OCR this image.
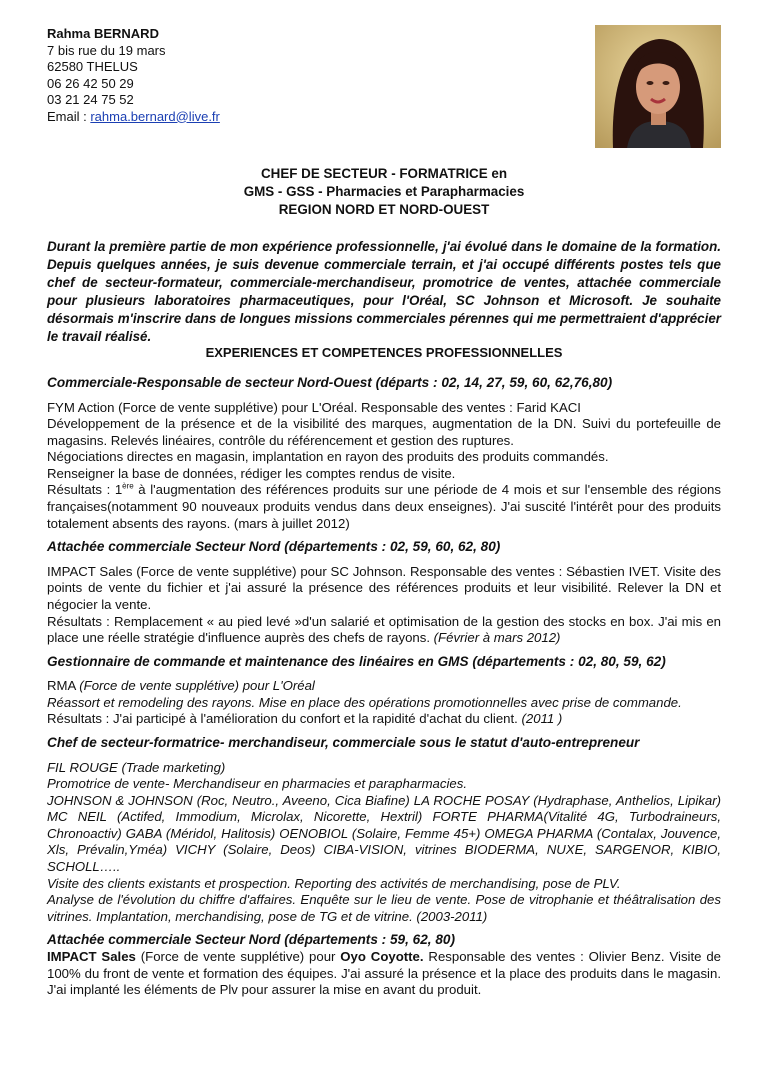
Rahma BERNARD
7 bis rue du 19 mars
62580 THELUS
06 26 42 50 29
03 21 24 75 52
Email : rahma.bernard@live.fr
CHEF DE SECTEUR - FORMATRICE en
GMS - GSS - Pharmacies et Parapharmacies
REGION NORD ET NORD-OUEST
Durant la première partie de mon expérience professionnelle, j'ai évolué dans le domaine de la formation. Depuis quelques années, je suis devenue commerciale terrain, et j'ai occupé différents postes tels que chef de secteur-formateur, commerciale-merchandiseur, promotrice de ventes, attachée commerciale pour plusieurs laboratoires pharmaceutiques, pour l'Oréal, SC Johnson et Microsoft. Je souhaite désormais m'inscrire dans de longues missions commerciales pérennes qui me permettraient d'apprécier le travail réalisé.
EXPERIENCES ET COMPETENCES PROFESSIONNELLES

Commerciale-Responsable de secteur Nord-Ouest (départs : 02, 14, 27, 59, 60, 62,76,80)

FYM Action (Force de vente supplétive) pour L'Oréal. Responsable des ventes : Farid KACI

Développement de la présence et de la visibilité des marques, augmentation de la DN. Suivi du portefeuille de magasins. Relevés linéaires, contrôle du référencement et gestion des ruptures.

Négociations directes en magasin, implantation en rayon des produits des produits commandés.

Renseigner la base de données, rédiger les comptes rendus de visite.

Résultats : 1ère à l'augmentation des références produits sur une période de 4 mois et sur l'ensemble des régions françaises(notamment 90 nouveaux produits vendus dans deux enseignes). J'ai suscité l'intérêt pour des produits totalement absents des rayons. (mars à juillet 2012)

Attachée commerciale Secteur Nord (départements : 02, 59, 60, 62, 80)

IMPACT Sales (Force de vente supplétive) pour SC Johnson. Responsable des ventes : Sébastien IVET. Visite des points de vente du fichier et j'ai assuré la présence des références produits et leur visibilité. Relever la DN et négocier la vente.

Résultats : Remplacement « au pied levé »d'un salarié et optimisation de la gestion des stocks en box. J'ai mis en place une réelle stratégie d'influence auprès des chefs de rayons. (Février à mars 2012)

Gestionnaire de commande et maintenance des linéaires en GMS (départements : 02, 80, 59, 62)

RMA (Force de vente supplétive) pour L'Oréal

Réassort et remodeling des rayons. Mise en place des opérations promotionnelles avec prise de commande.

Résultats : J'ai participé à l'amélioration du confort et la rapidité d'achat du client. (2011 )

Chef de secteur-formatrice- merchandiseur, commerciale sous le statut d'auto-entrepreneur

FIL ROUGE (Trade marketing)

Promotrice de vente- Merchandiseur en pharmacies et parapharmacies.

JOHNSON & JOHNSON (Roc, Neutro., Aveeno, Cica Biafine) LA ROCHE POSAY (Hydraphase, Anthelios, Lipikar) MC NEIL (Actifed, Immodium, Microlax, Nicorette, Hextril) FORTE PHARMA(Vitalité 4G, Turbodraineurs, Chronoactiv) GABA (Méridol, Halitosis) OENOBIOL (Solaire, Femme 45+) OMEGA PHARMA (Contalax, Jouvence, Xls, Prévalin,Yméa) VICHY (Solaire, Deos) CIBA-VISION, vitrines BIODERMA, NUXE, SARGENOR, KIBIO, SCHOLL…..

Visite des clients existants et prospection. Reporting des activités de merchandising, pose de PLV.

Analyse de l'évolution du chiffre d'affaires. Enquête sur le lieu de vente. Pose de vitrophanie et théâtralisation des vitrines. Implantation, merchandising, pose de TG et de vitrine. (2003-2011)

Attachée commerciale Secteur Nord (départements : 59, 62, 80)

IMPACT Sales (Force de vente supplétive) pour Oyo Coyotte. Responsable des ventes : Olivier Benz. Visite de 100% du front de vente et formation des équipes. J'ai assuré la présence et la place des produits dans le magasin. J'ai implanté les éléments de Plv pour assurer la mise en avant du produit.
